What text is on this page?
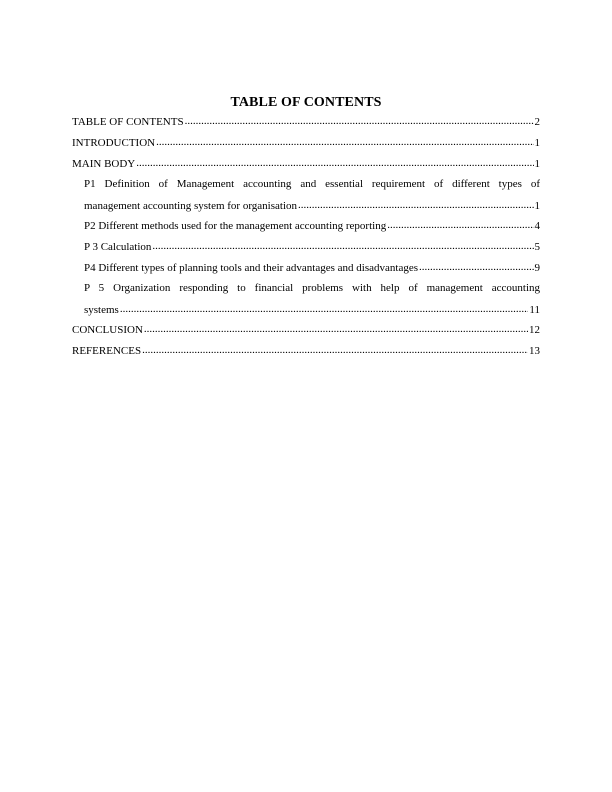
TABLE OF CONTENTS
TABLE OF CONTENTS .....	2
INTRODUCTION .....	1
MAIN BODY .....	1
P1 Definition of Management accounting and essential requirement of different types of
management accounting system for organisation .....	1
P2 Different methods used for the management accounting reporting .....	4
P 3 Calculation .....	5
P4 Different types of planning tools and their advantages and disadvantages .....	9
P 5 Organization responding to financial problems with help of management accounting
systems .....	11
CONCLUSION .....	12
REFERENCES .....	13
